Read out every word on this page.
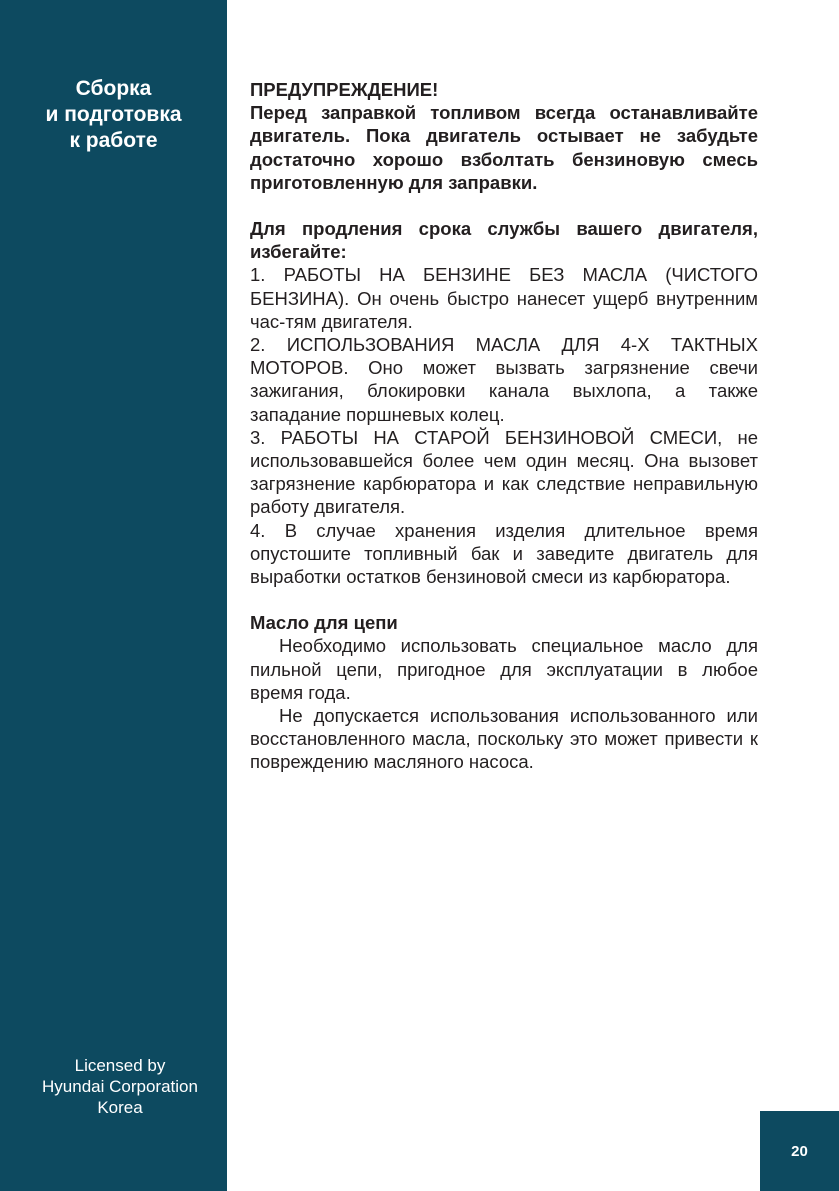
Сборка
и подготовка
к работе
Licensed by
Hyundai Corporation
Korea

ПРЕДУПРЕЖДЕНИЕ!

Перед заправкой топливом всегда останавливайте двигатель. Пока двигатель остывает не забудьте достаточно хорошо взболтать бензиновую смесь приготовленную для заправки.

Для продления срока службы вашего двигателя, избегайте:

1. РАБОТЫ НА БЕНЗИНЕ БЕЗ МАСЛА (ЧИСТОГО БЕНЗИНА). Он очень быстро нанесет ущерб внутренним час-тям двигателя.

2. ИСПОЛЬЗОВАНИЯ МАСЛА ДЛЯ 4-Х ТАКТНЫХ МОТОРОВ. Оно может вызвать загрязнение свечи зажигания, блокировки канала выхлопа, а также западание поршневых колец.

3. РАБОТЫ НА СТАРОЙ БЕНЗИНОВОЙ СМЕСИ, не использовавшейся более чем один месяц. Она вызовет загрязнение карбюратора и как следствие неправильную работу двигателя.

4. В случае хранения изделия длительное время опустошите топливный бак и заведите двигатель для выработки остатков бензиновой смеси из карбюратора.

Масло для цепи

Необходимо использовать специальное масло для пильной цепи, пригодное для эксплуатации в любое время года.

Не допускается использования использованного или восстановленного масла, поскольку это может привести к повреждению масляного насоса.

20
